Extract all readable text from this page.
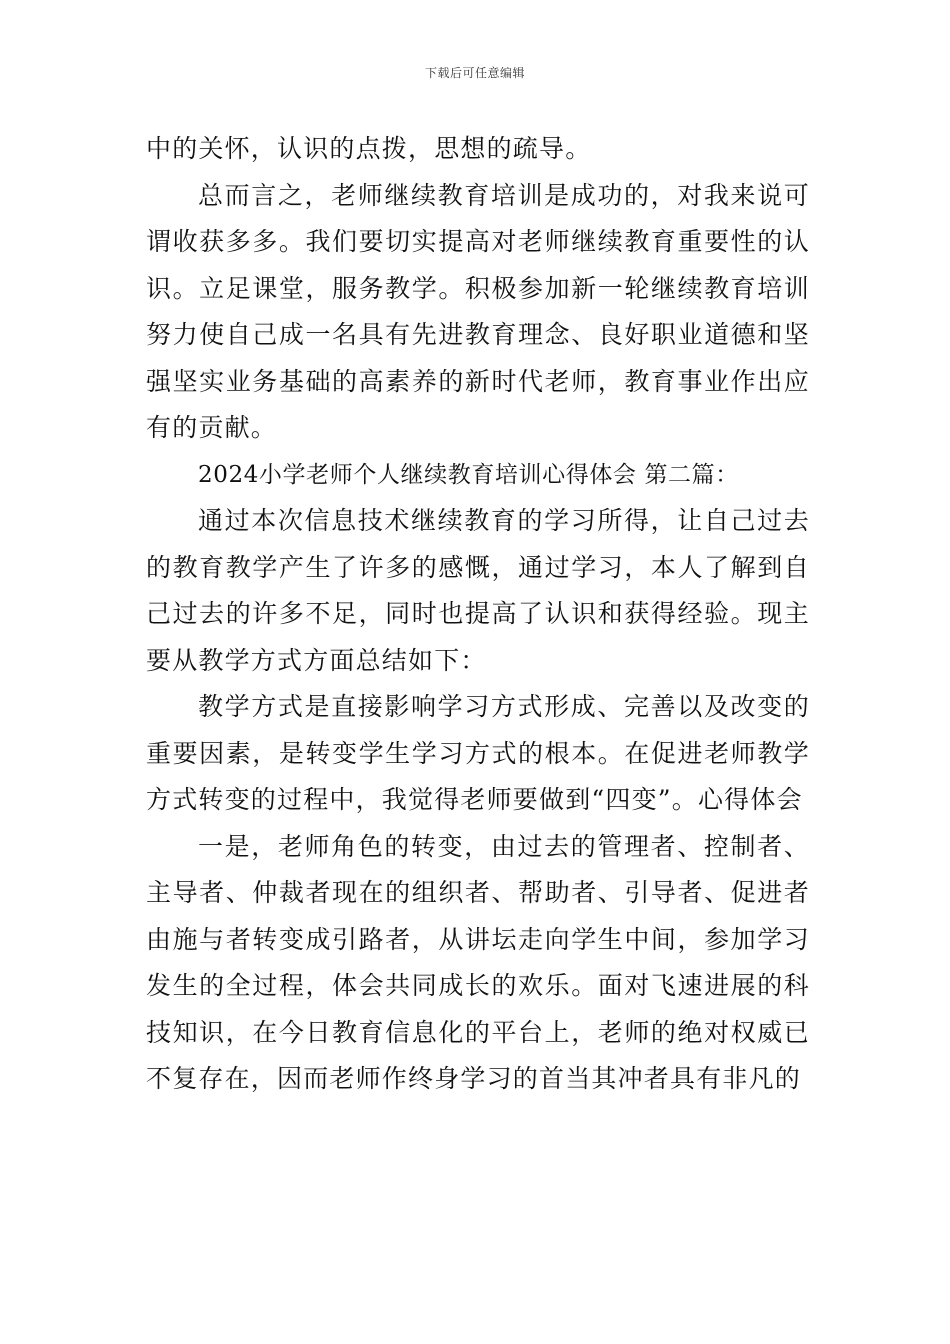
下载后可任意编辑

中的关怀，认识的点拨，思想的疏导。

总而言之，老师继续教育培训是成功的，对我来说可谓收获多多。我们要切实提高对老师继续教育重要性的认识。立足课堂，服务教学。积极参加新一轮继续教育培训努力使自己成一名具有先进教育理念、良好职业道德和坚强坚实业务基础的高素养的新时代老师，教育事业作出应有的贡献。

2024小学老师个人继续教育培训心得体会 第二篇：

通过本次信息技术继续教育的学习所得，让自己过去的教育教学产生了许多的感慨，通过学习，本人了解到自己过去的许多不足，同时也提高了认识和获得经验。现主要从教学方式方面总结如下：

教学方式是直接影响学习方式形成、完善以及改变的重要因素，是转变学生学习方式的根本。在促进老师教学方式转变的过程中，我觉得老师要做到“四变”。心得体会

一是，老师角色的转变，由过去的管理者、控制者、主导者、仲裁者现在的组织者、帮助者、引导者、促进者由施与者转变成引路者，从讲坛走向学生中间，参加学习发生的全过程，体会共同成长的欢乐。面对飞速进展的科技知识，在今日教育信息化的平台上，老师的绝对权威已不复存在，因而老师作终身学习的首当其冲者具有非凡的
